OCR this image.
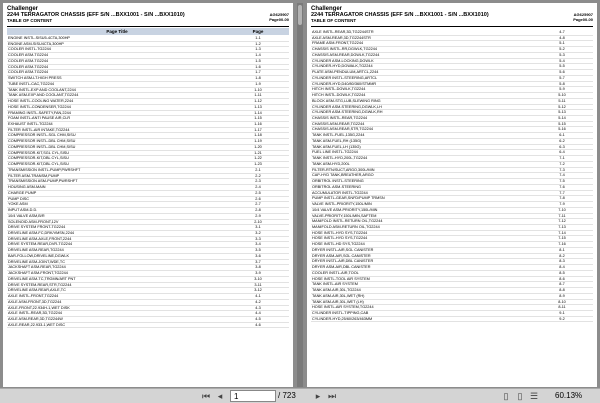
Challenger
2244 TERRAGATOR CHASSIS (EFF S/N ...BXX1001 - S/N ...BXX1010)
TABLE OF CONTENT
AG625907
Page00-00
Page Title	Page
ENGINE INSTL-SISU5-4CTA,300HP	1-1
ENGINE ASM-SISU4CTA,300HP	1-2
COOLER INSTL-TG2244	1-3
COOLER ASM-TG2244	1-4
COOLER ASM-TG2244	1-5
COOLER ASM-TG2244	1-6
COOLER ASM-TG2244	1-7
SWITCH ASM-LT.HIGH PRESS	1-8
TUBE INSTL-CAC,TG2244	1-9
TANK INSTL-EXP AND COOLANT,2244	1-10
TANK ASM-EXP AND COOLANT,TG2244	1-11
HOSE INSTL-COOLING WATER,2244	1-12
HOSE INSTL-CONDENSER,TG2244	1-13
FRAMING INSTL-SAFETY,FAN,2244	1-14
FOAM INSTL-ANTI PAUSE AIR,CLR	1-15
EXHAUST INSTL-TG2244	1-16
FILTER INSTL-AIR INTAKE,TG2244	1-17
COMPRESSOR INSTL-SGL CHM,SISU	1-18
COMPRESSOR INSTL-DBL CHM,SISU	1-19
COMPRESSOR INSTL-DBL CHM,SISU	1-20
COMPRESSOR-KIT,SGL CYL,SISU	1-21
COMPRESSOR-KIT,DBL CYL,SISU	1-22
COMPRESSOR-KIT,DBL CYL,SISU	1-23
TRANSMISSION INSTL-PUMP,PWRSHFT	2-1
FILTER ASM-TRANSM,PUMP	2-2
TRANSMISSION ASM-PUMP,PWRSHFT	2-3
HOUSING ASM-MAIN	2-4
CHARGE PUMP	2-5
PUMP DISC	2-6
YOKE ASM	2-7
INPUT ASM-D.D.	2-8
10/4 VALVE ASM,B/R	2-9
SOLENOID ASM-FRONT,12V	2-10
DRIVE SYSTEM FRONT-TG2244	3-1
DRIVELINE ASM-FC,DRK/VMSN,2244	3-2
DRIVELINE ASM-AXLE,FRONT,2244	3-3
DRIVE SYSTEM-REAR,DVR-TG2244	3-4
DRIVELINE ASM-REAR,TG2244	3-5
BAR-FOLLOW,DRIVELINE,DGWLK	3-6
DRIVELINE ASM-JOINT,WDE,TC	3-7
JACKSHAFT ASM-REAR,TG2244	3-8
JACKSHAFT ASM-FRONT,TG2244	3-9
DRIVELINE ASM-TC,TRGMN/ART PNT	3-10
DRIVE SYSTEM-REAR,STR,TG2244	3-11
DRIVELINE ASM-REAR,AXLE,TC	3-12
AXLE INSTL-FRONT,TG2244	4-1
AXLE ASM-FRONT,3D,TG2244	4-2
AXLE-FRONT,22.934H-1,WET DISK	4-3
AXLE INSTL-REAR,3D,TG2244	4-4
AXLE ASM-REAR,3D,TG2244W	4-5
AXLE-REAR,22.933-1,WET DISC	4-6
Challenger
2244 TERRAGATOR CHASSIS (EFF S/N ...BXX1001 - S/N ...BXX1010)
TABLE OF CONTENT
AG625907
Page00-00
AXLE INSTL-REAR,3D,TG2244STR	4-7
AXLE ASM-REAR,3D,TG2244STR	4-8
FRAME ASM-FRONT,TG2244	5-1
CHASSIS INSTL-RR,DGWLK,TG2244	5-2
CHASSIS ASM-REAR,DGWLK,TG2244	5-3
CYLINDER ASM-LOCKING,DGWLK	5-4
CYLINDER-HYD,DGWALK,TG2244	5-5
PLATE ASM-PENDULUM,ARTCL,2244	5-6
CYLINDER INSTL-STEERING,ARTCL	5-7
CYLINDER-HYD,D40/80/360/STMMR	5-8
HITCH INSTL-DGWLK,TG2244	5-9
HITCH INSTL-DGWLK,TG2244	5-10
BLOCK ASM-STG,LUB,SLEWING RING	5-11
CYLINDER ASM-STEERING,DGWLK,LH	5-12
CYLINDER ASM-STEERING,DGWLK,RH	5-13
CHASSIS INSTL-REAR,TG2244	5-14
CHASSIS ASM-REAR,TG2244	5-15
CHASSIS ASM-REAR,STR,TG2244	5-16
TANK INSTL-FUEL,135G,2244	6-1
TANK ASM-FUEL,RH (135G)	6-2
TANK ASM-FUEL,LH (135G)	6-3
FUEL LINE INSTL-TG2244	6-4
TANK INSTL-HYD,200L,TG2244	7-1
TANK ASM-HYD,200L	7-2
FILTER-RTN/SUCT,ARGO,300L/MIN	7-3
CAP-HYD TANK,BREATHER,ARGO	7-4
ORBITROL INSTL-STEERING	7-5
ORBITROL ASM-STEERING	7-6
ACCUMULATOR INSTL-TG2244	7-7
PUMP INSTL-GEAR,SNFD/PUMP TRMSN	7-8
VALVE INSTL-PRIORITY,150L/MIN	7-9
10/4 VALVE ASM-PRIORITY,150L/MIN	7-10
VALVE-PRIORITY,150L/MIN,SAFTEM	7-11
MANIFOLD INSTL-RETURN OIL,TG2244	7-12
MANIFOLD ASM-RETURN OIL,TG2244	7-13
HOSE INSTL-HYD SYS,TG2244	7-14
HOSE INSTL-HYD SYS,TG2244	7-15
HOSE INSTL-HD SYS,TG2244	7-16
DRYER INSTL-AIR,SGL CANISTER	8-1
DRYER ASM-AIR,SGL CANISTER	8-2
DRYER INSTL-AIR,DBL CANISTER	8-3
DRYER ASM-AIR,DBL CANISTER	8-4
COOLER INSTL-AIR,TOOL	8-5
HOSE INSTL-TOOL AIR SYSTEM	8-6
TANK INSTL-AIR SYSTEM	8-7
TANK ASM-AIR,30L,TG2244	8-8
TANK ASM-AIR,30L,WET (RH)	8-9
TANK ASM-AIR,30L,WET (LH)	8-10
HOSE INSTL-AIR SYSTEM,TG2244	8-11
CYLINDER INSTL-TIPPING,CAB	9-1
CYLINDER-HYD,25/60/263/463MM	9-2
⏮ ◂
1	/ 723	▸ ⏭	▯	▯ ☰ 60.13%
